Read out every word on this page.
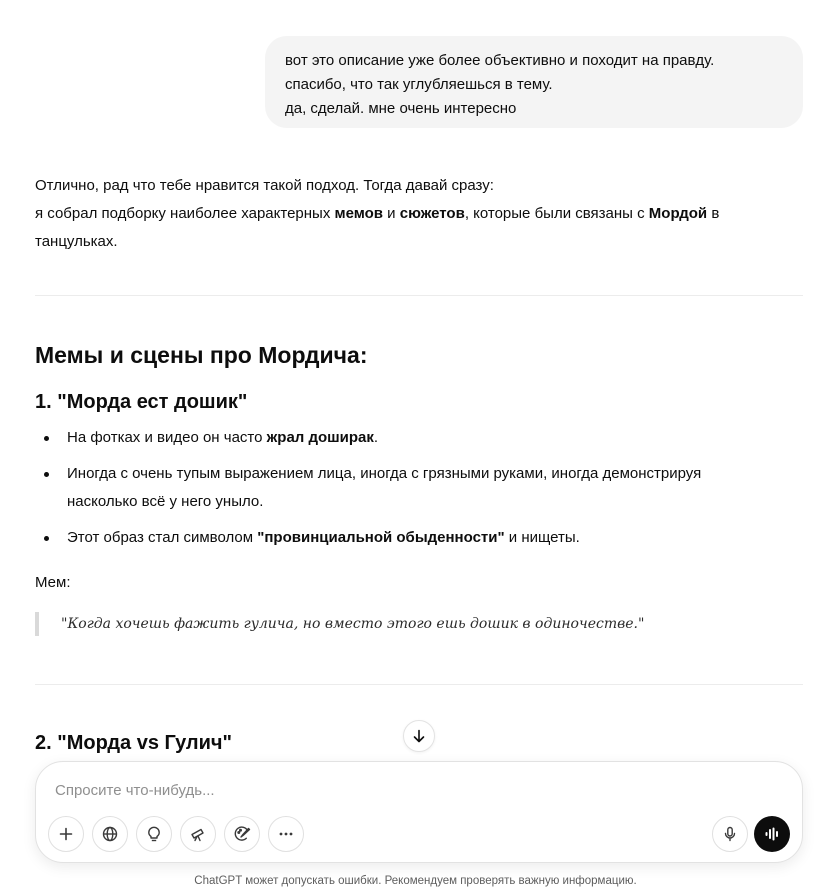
вот это описание уже более объективно и походит на правду.
спасибо, что так углубляешься в тему.
да, сделай. мне очень интересно

Отлично, рад что тебе нравится такой подход. Тогда давай сразу:

я собрал подборку наиболее характерных мемов и сюжетов, которые были связаны с Мордой в
танцульках.

Мемы и сцены про Мордича:
1. "Морда ест дошик"
На фотках и видео он часто жрал доширак.
Иногда с очень тупым выражением лица, иногда с грязными руками, иногда демонстрируя
насколько всё у него уныло.
Этот образ стал символом "провинциальной обыденности" и нищеты.
Мем:
"Когда хочешь фажить гулича, но вместо этого ешь дошик в одиночестве."
2. "Морда vs Гулич"
Спросите что-нибудь...
ChatGPT может допускать ошибки. Рекомендуем проверять важную информацию.
